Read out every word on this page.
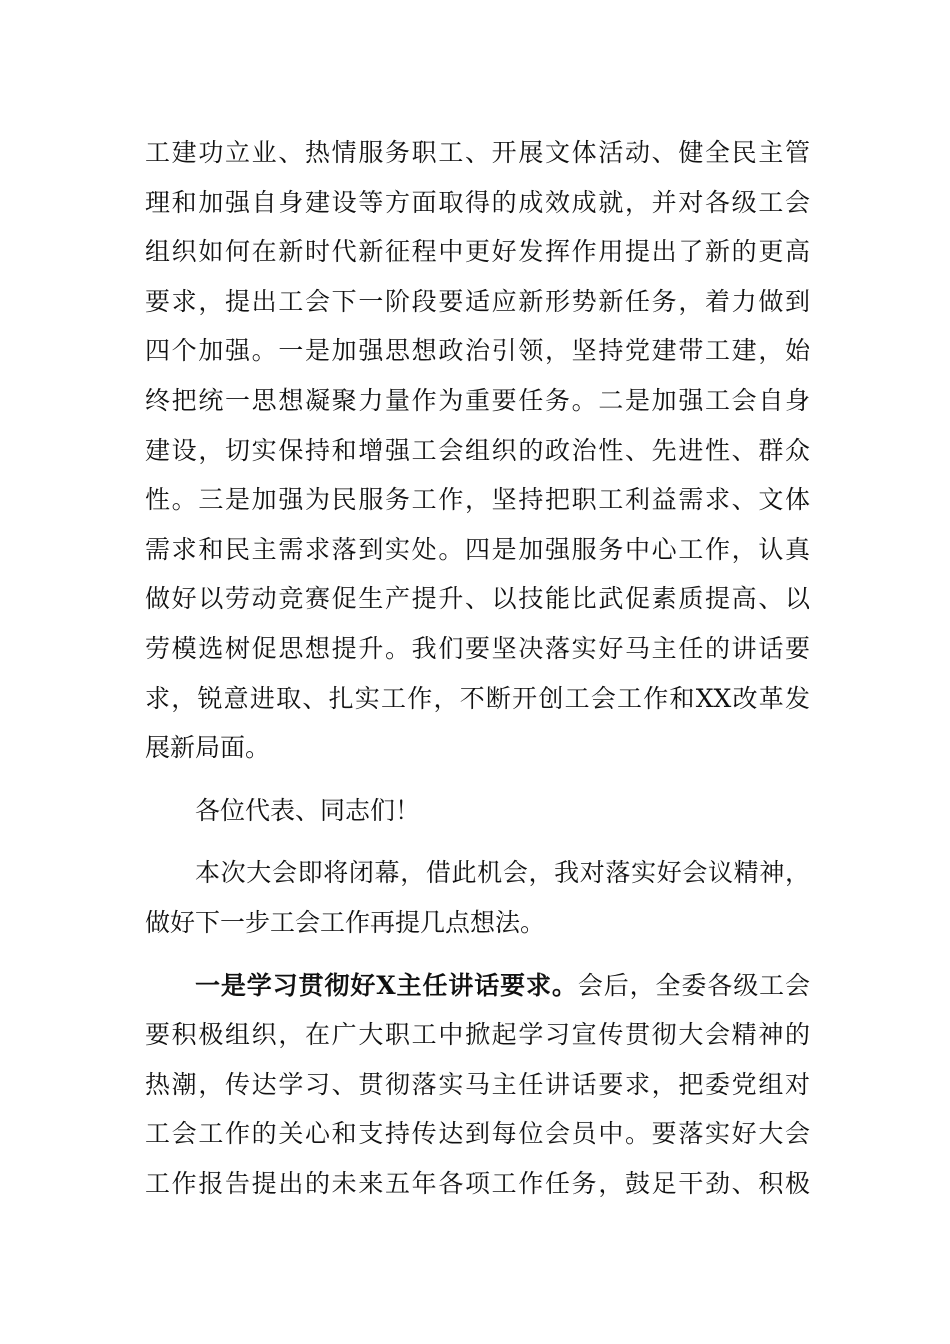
工建功立业、热情服务职工、开展文体活动、健全民主管
理和加强自身建设等方面取得的成效成就，并对各级工会
组织如何在新时代新征程中更好发挥作用提出了新的更高
要求，提出工会下一阶段要适应新形势新任务，着力做到
四个加强。一是加强思想政治引领，坚持党建带工建，始
终把统一思想凝聚力量作为重要任务。二是加强工会自身
建设，切实保持和增强工会组织的政治性、先进性、群众
性。三是加强为民服务工作，坚持把职工利益需求、文体
需求和民主需求落到实处。四是加强服务中心工作，认真
做好以劳动竞赛促生产提升、以技能比武促素质提高、以
劳模选树促思想提升。我们要坚决落实好马主任的讲话要
求，锐意进取、扎实工作，不断开创工会工作和XX改革发
展新局面。
各位代表、同志们！
本次大会即将闭幕，借此机会，我对落实好会议精神，
做好下一步工会工作再提几点想法。
一是学习贯彻好X主任讲话要求。会后，全委各级工会
要积极组织，在广大职工中掀起学习宣传贯彻大会精神的
热潮，传达学习、贯彻落实马主任讲话要求，把委党组对
工会工作的关心和支持传达到每位会员中。要落实好大会
工作报告提出的未来五年各项工作任务，鼓足干劲、积极
